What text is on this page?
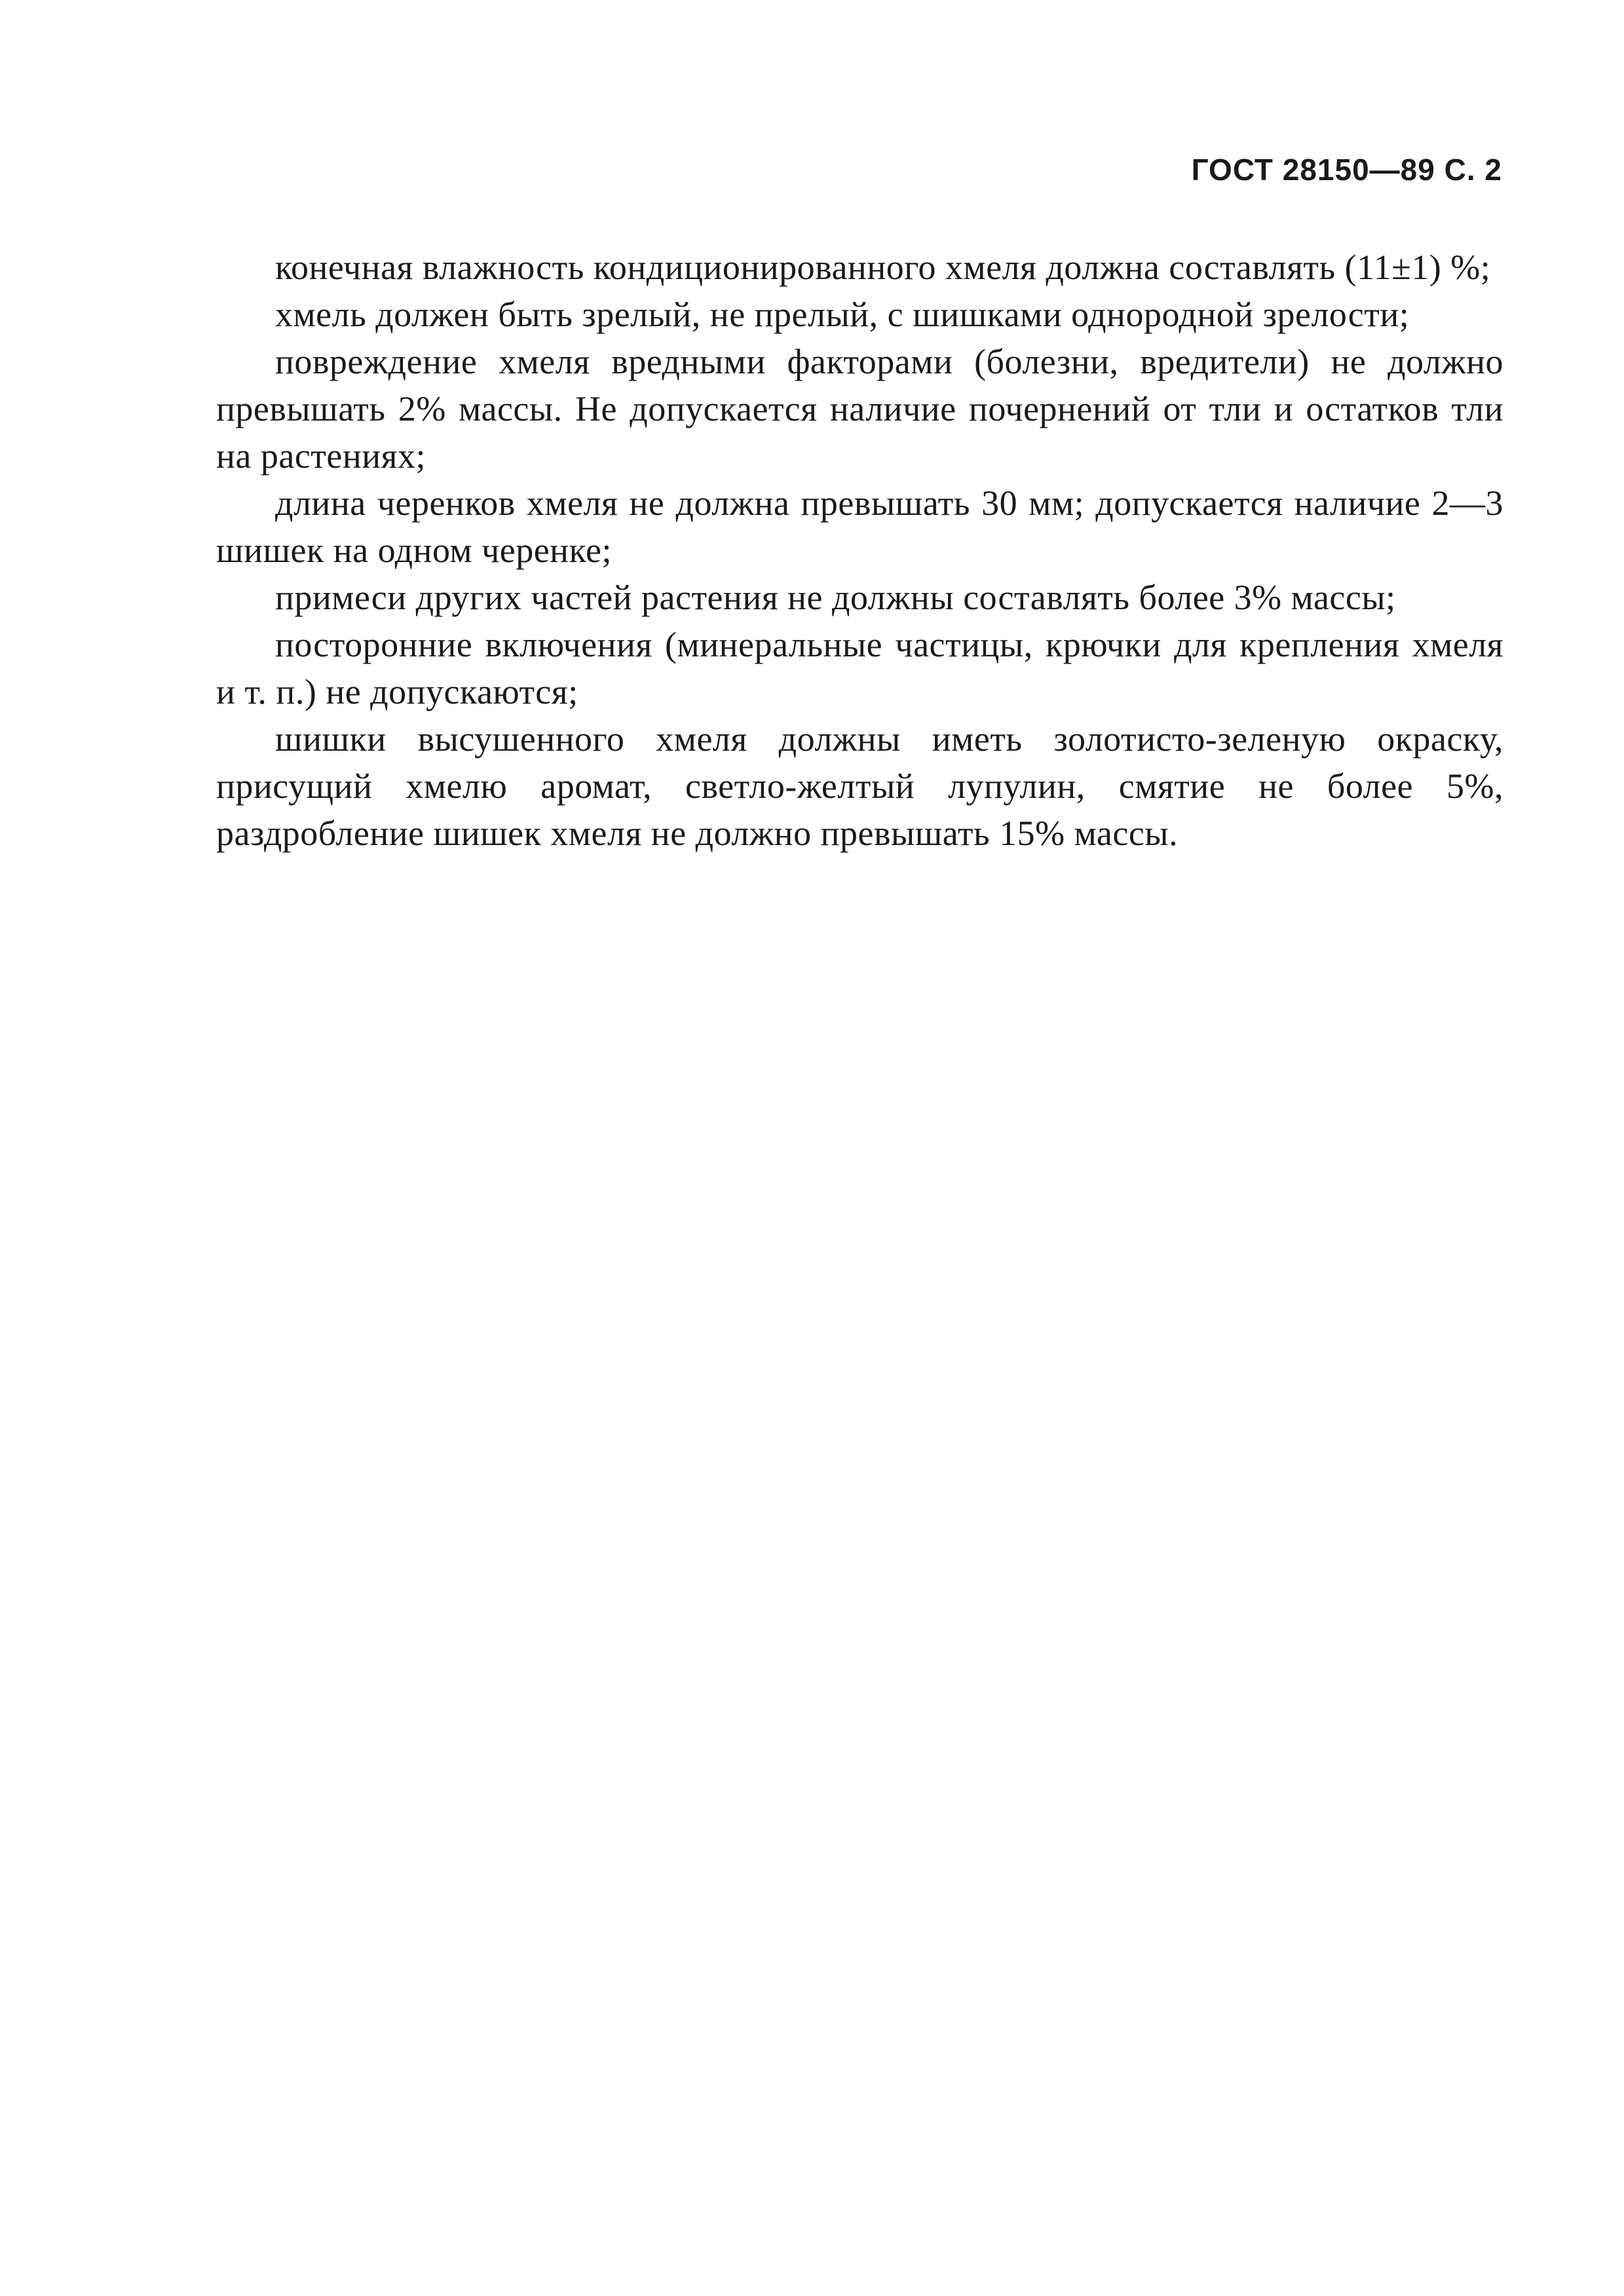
ГОСТ 28150—89 С. 2

конечная влажность кондиционированного хмеля должна составлять (11±1) %;

хмель должен быть зрелый, не прелый, с шишками однородной зрелости;

повреждение хмеля вредными факторами (болезни, вредители) не должно превышать 2% массы. Не допускается наличие почернений от тли и остатков тли на растениях;

длина черенков хмеля не должна превышать 30 мм; допускается наличие 2—3 шишек на одном черенке;

примеси других частей растения не должны составлять более 3% массы;

посторонние включения (минеральные частицы, крючки для крепления хмеля и т. п.) не допускаются;

шишки высушенного хмеля должны иметь золотисто-зеленую окраску, присущий хмелю аромат, светло-желтый лупулин, смятие не более 5%, раздробление шишек хмеля не должно превышать 15% массы.
